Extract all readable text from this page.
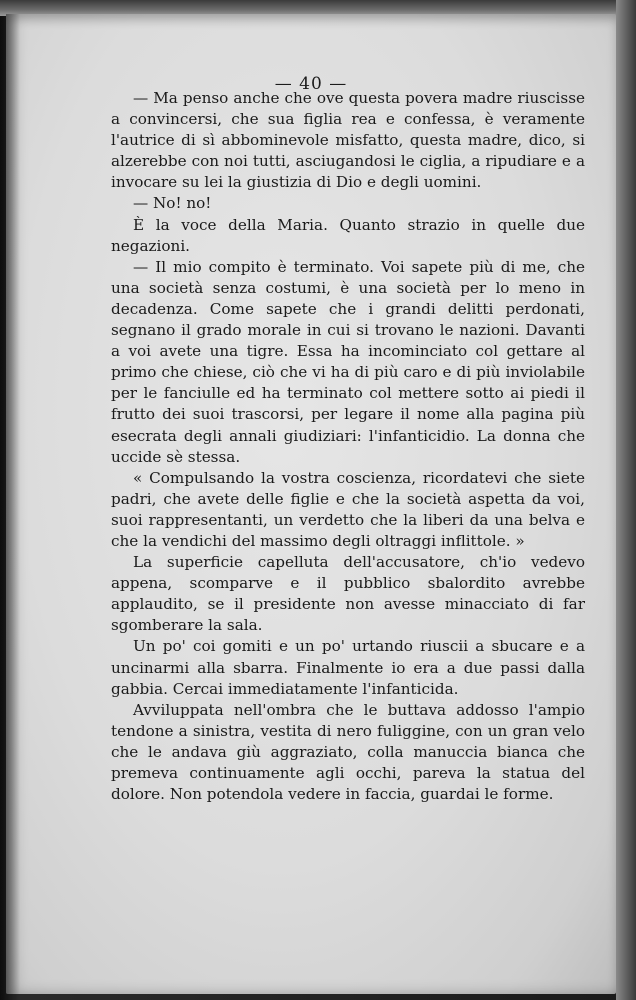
— 40 —

— Ma penso anche che ove questa povera madre riuscisse a convincersi, che sua figlia rea e confessa, è veramente l'autrice di sì abbominevole misfatto, questa madre, dico, si alzerebbe con noi tutti, asciugandosi le ciglia, a ripudiare e a invocare su lei la giustizia di Dio e degli uomini.

— No! no!

È la voce della Maria. Quanto strazio in quelle due negazioni.

— Il mio compito è terminato. Voi sapete più di me, che una società senza costumi, è una società per lo meno in decadenza. Come sapete che i grandi delitti perdonati, segnano il grado morale in cui si trovano le nazioni. Davanti a voi avete una tigre. Essa ha incominciato col gettare al primo che chiese, ciò che vi ha di più caro e di più inviolabile per le fanciulle ed ha terminato col mettere sotto ai piedi il frutto dei suoi trascorsi, per legare il nome alla pagina più esecrata degli annali giudiziari: l'infanticidio. La donna che uccide sè stessa.

« Compulsando la vostra coscienza, ricordatevi che siete padri, che avete delle figlie e che la società aspetta da voi, suoi rappresentanti, un verdetto che la liberi da una belva e che la vendichi del massimo degli oltraggi inflittole. »

La superficie capelluta dell'accusatore, ch'io vedevo appena, scomparve e il pubblico sbalordito avrebbe applaudito, se il presidente non avesse minacciato di far sgomberare la sala.

Un po' coi gomiti e un po' urtando riuscii a sbucare e a uncinarmi alla sbarra. Finalmente io era a due passi dalla gabbia. Cercai immediatamente l'infanticida.

Avviluppata nell'ombra che le buttava addosso l'ampio tendone a sinistra, vestita di nero fuliggine, con un gran velo che le andava giù aggraziato, colla manuccia bianca che premeva continuamente agli occhi, pareva la statua del dolore. Non potendola vedere in faccia, guardai le forme.
